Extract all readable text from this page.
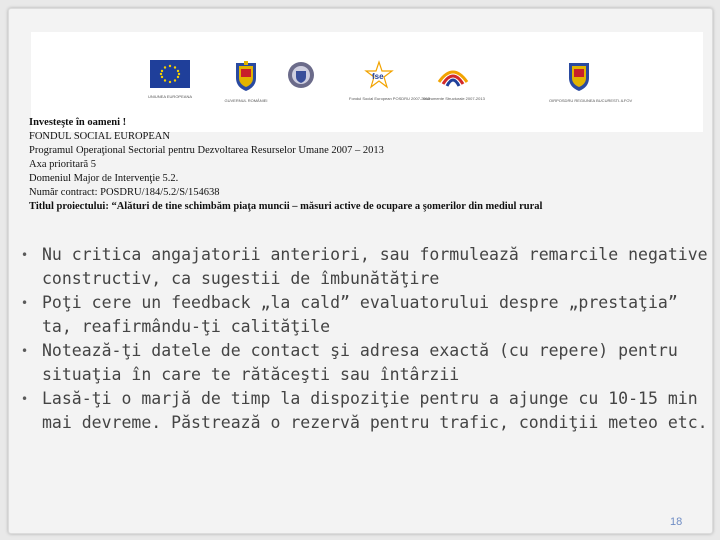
UNIUNEA EUROPEANA
GUVERNUL ROMÂNIEI
fse
Fondul Social European POSDRU 2007-2013
Instrumente Structurale 2007-2013	OIRPOSDRU REGIUNEA BUCURESTI-ILFOV
Investeşte în oameni !
FONDUL SOCIAL EUROPEAN
Programul Operaţional Sectorial pentru Dezvoltarea Resurselor Umane 2007 – 2013
Axa prioritară 5
Domeniul Major de Intervenţie 5.2.
Număr contract: POSDRU/184/5.2/S/154638
Titlul proiectului: “Alături de tine schimbăm piaţa muncii – măsuri active de ocupare a şomerilor din mediul rural
• Nu critica angajatorii anteriori, sau formulează remarcile negative
constructiv, ca sugestii de îmbunătăţire
• Poţi cere un feedback „la cald” evaluatorului despre „prestaţia”
ta, reafirmându-ţi calităţile
• Notează-ţi datele de contact şi adresa exactă (cu repere) pentru
situaţia în care te rătăceşti sau întârzii
• Lasă-ţi o marjă de timp la dispoziţie pentru a ajunge cu 10-15 min
mai devreme. Păstrează o rezervă pentru trafic, condiţii meteo etc.
18
